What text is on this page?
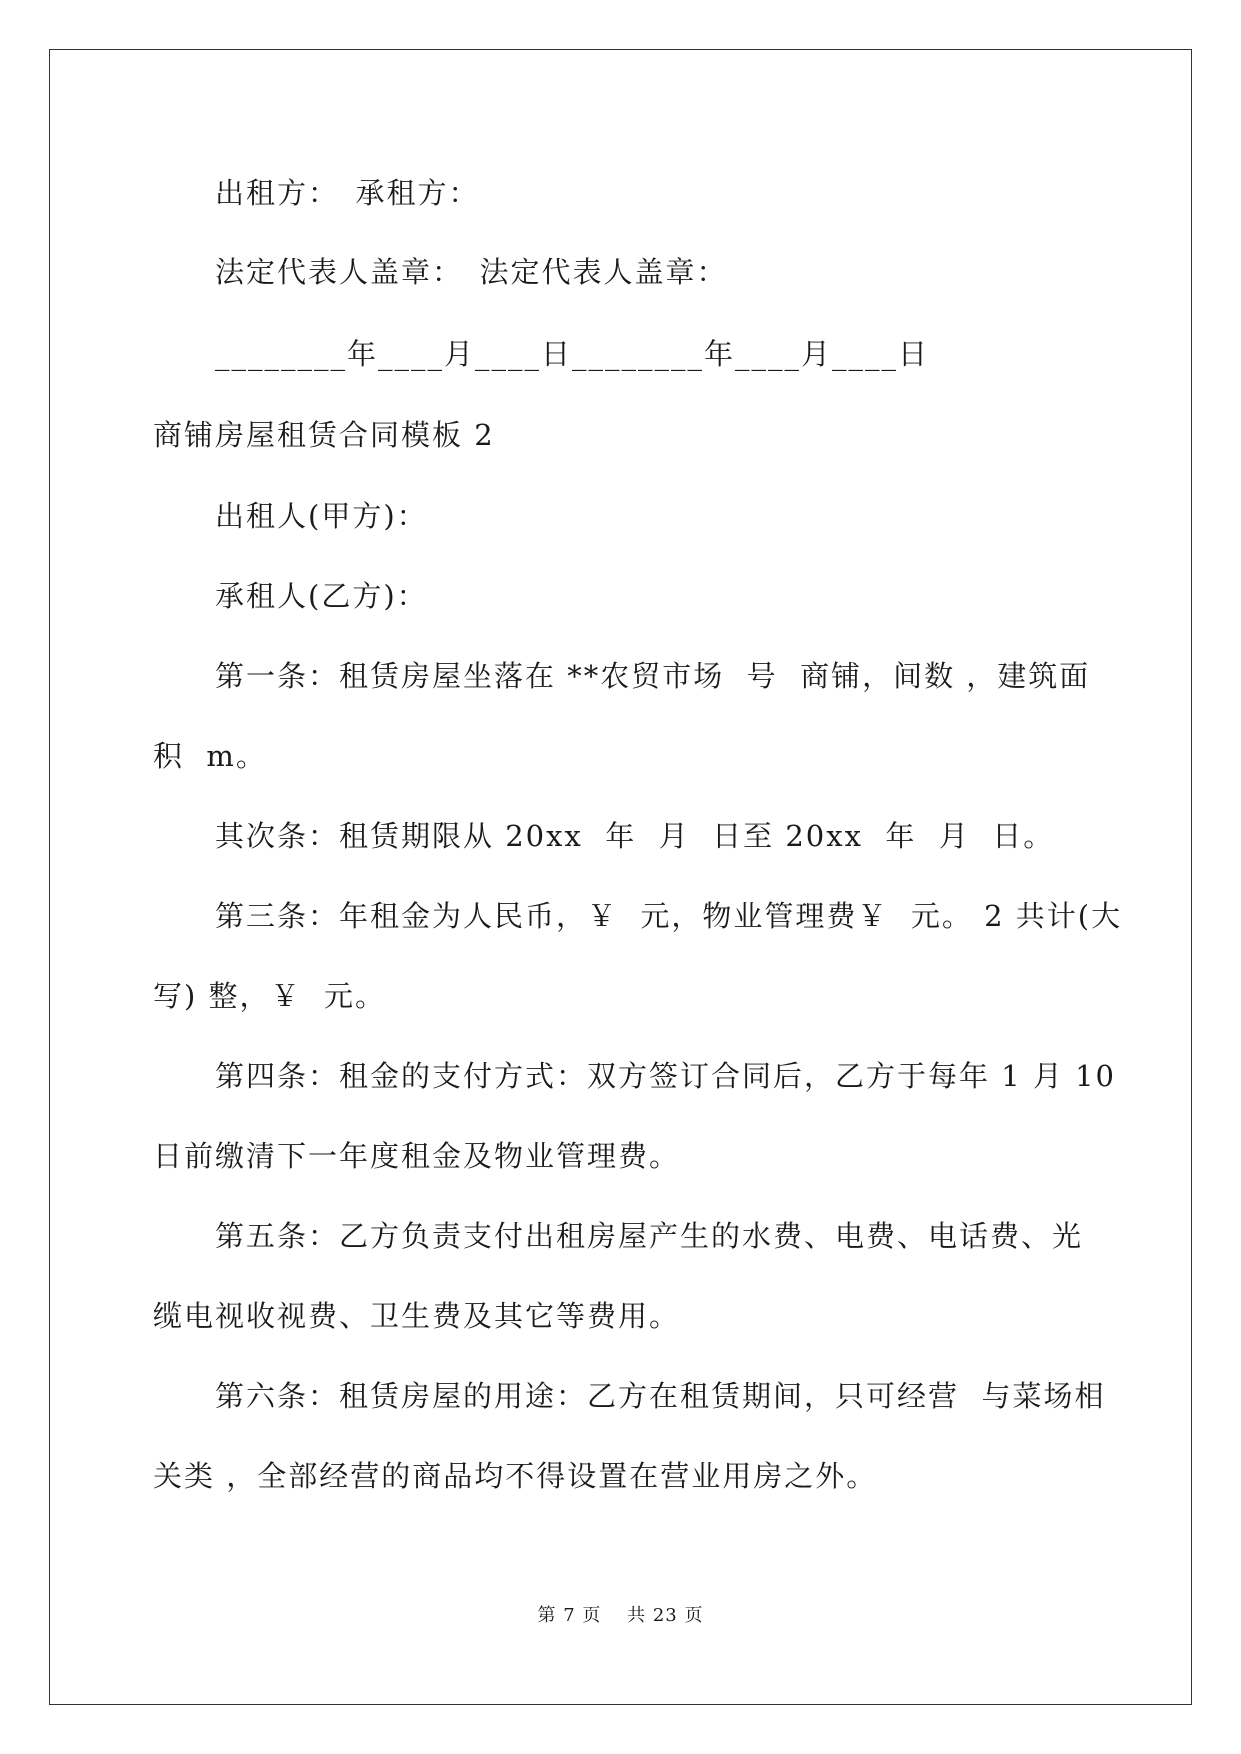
出租方：　承租方：
法定代表人盖章：　法定代表人盖章：
________年____月____日________年____月____日
商铺房屋租赁合同模板 2
出租人(甲方)：
承租人(乙方)：
第一条：租赁房屋坐落在 **农贸市场  号  商铺，间数 ，建筑面
积  m。
其次条：租赁期限从 20xx  年  月  日至 20xx  年  月  日。
第三条：年租金为人民币，￥  元，物业管理费￥  元。 2 共计(大
写) 整，￥  元。
第四条：租金的支付方式：双方签订合同后，乙方于每年 1 月 10
日前缴清下一年度租金及物业管理费。
第五条：乙方负责支付出租房屋产生的水费、电费、电话费、光
缆电视收视费、卫生费及其它等费用。
第六条：租赁房屋的用途：乙方在租赁期间，只可经营  与菜场相
关类 ，全部经营的商品均不得设置在营业用房之外。
第 7 页　 共 23 页
